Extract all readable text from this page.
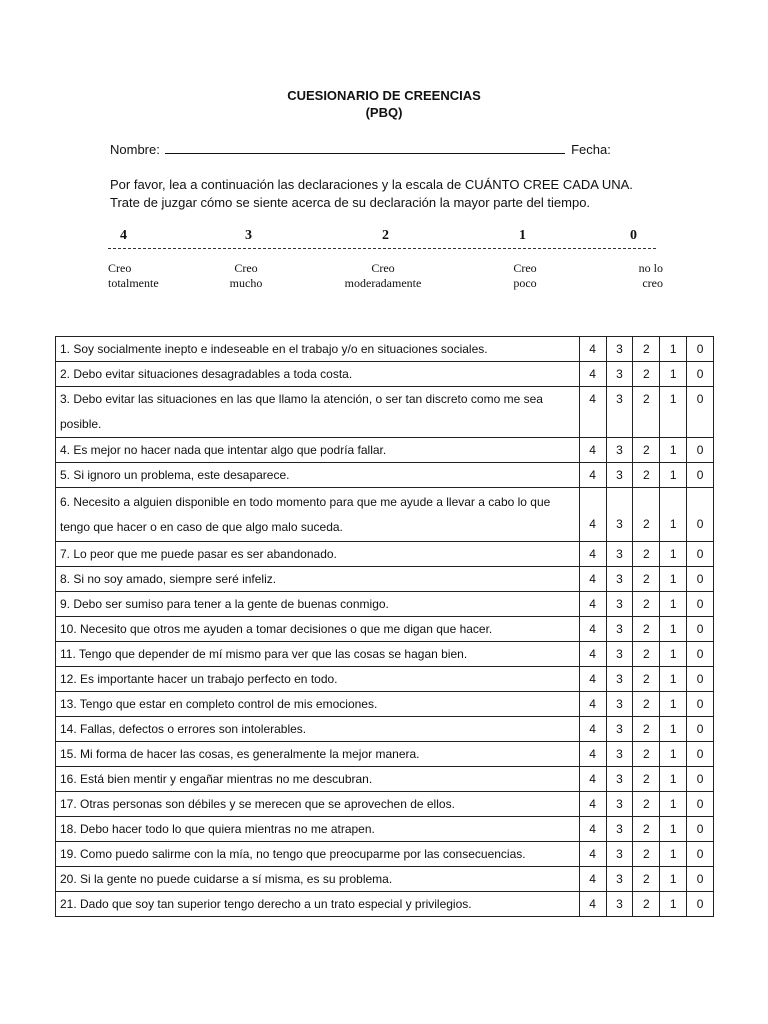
CUESIONARIO DE CREENCIAS
(PBQ)
Nombre:	Fecha:
Por favor, lea a continuación las declaraciones y la escala de CUÁNTO CREE CADA UNA.
Trate de juzgar cómo se siente acerca de su declaración la mayor parte del tiempo.
4	3	2	1	0
Creo
totalmente
Creo
mucho
Creo
moderadamente
Creo
poco
no lo
creo
1. Soy socialmente inepto e indeseable en el trabajo y/o en situaciones sociales.	4	3	2	1	0
2. Debo evitar situaciones desagradables a toda costa.	4	3	2	1	0
3. Debo evitar las situaciones en las que llamo la atención, o ser tan discreto como me sea posible.	4	3	2	1	0
4. Es mejor no hacer nada que intentar algo que podría fallar.	4	3	2	1	0
5. Si ignoro un problema, este desaparece.	4	3	2	1	0
6. Necesito a alguien disponible en todo momento para que me ayude a llevar a cabo lo que tengo que hacer o en caso de que algo malo suceda.	4	3	2	1	0
7. Lo peor que me puede pasar es ser abandonado.	4	3	2	1	0
8. Si no soy amado, siempre seré infeliz.	4	3	2	1	0
9. Debo ser sumiso para tener a la gente de buenas conmigo.	4	3	2	1	0
10. Necesito que otros me ayuden a tomar decisiones o que me digan que hacer.	4	3	2	1	0
11. Tengo que depender de mí mismo para ver que las cosas se hagan bien.	4	3	2	1	0
12. Es importante hacer un trabajo perfecto en todo.	4	3	2	1	0
13. Tengo que estar en completo control de mis emociones.	4	3	2	1	0
14. Fallas, defectos o errores son intolerables.	4	3	2	1	0
15. Mi forma de hacer las cosas, es generalmente la mejor manera.	4	3	2	1	0
16. Está bien mentir y engañar mientras no me descubran.	4	3	2	1	0
17. Otras personas son débiles y se merecen que se aprovechen de ellos.	4	3	2	1	0
18. Debo hacer todo lo que quiera mientras no me atrapen.	4	3	2	1	0
19. Como puedo salirme con la mía, no tengo que preocuparme por las consecuencias.	4	3	2	1	0
20. Si la gente no puede cuidarse a sí misma, es su problema.	4	3	2	1	0
21. Dado que soy tan superior tengo derecho a un trato especial y privilegios.	4	3	2	1	0
